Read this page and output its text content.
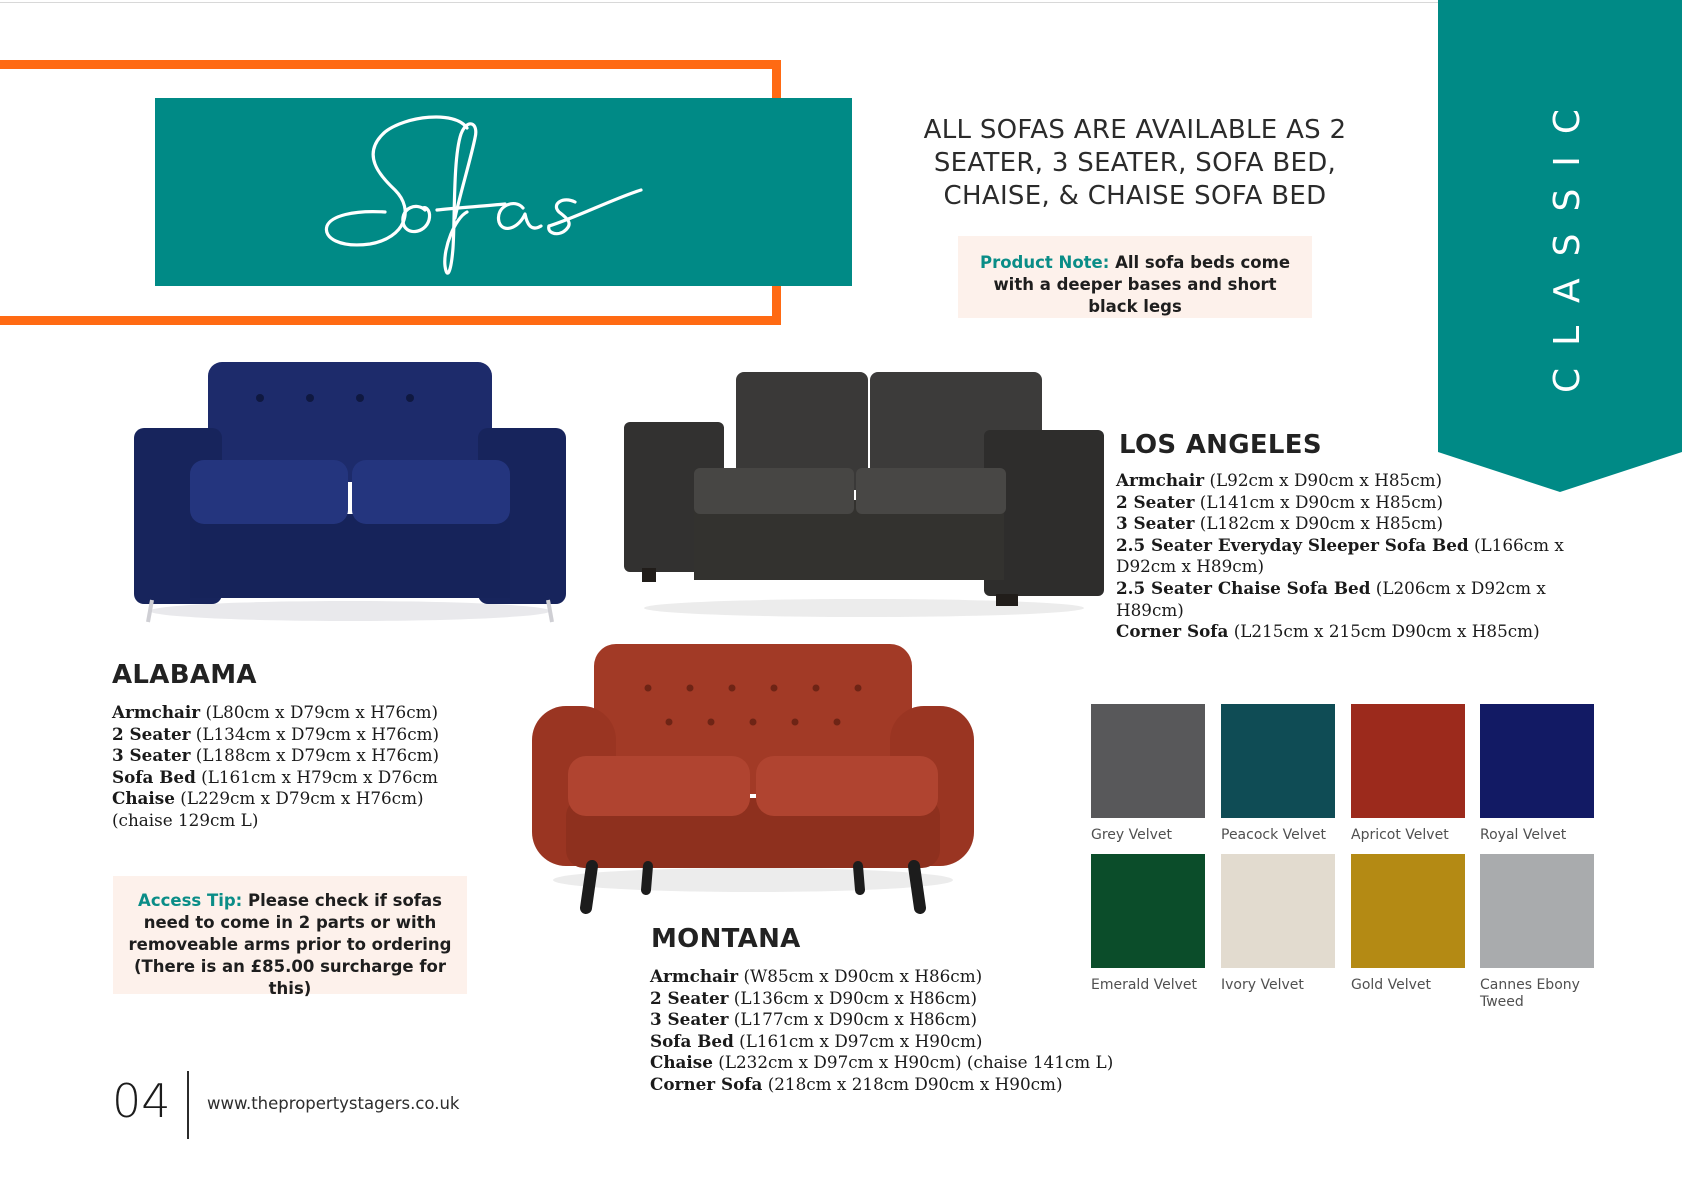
ALL SOFAS ARE AVAILABLE AS 2 SEATER, 3 SEATER, SOFA BED, CHAISE, & CHAISE SOFA BED
Product Note: All sofa beds come with a deeper bases and short black legs	CLASSIC
ALABAMA
Armchair (L80cm x D79cm x H76cm)
2 Seater (L134cm x D79cm x H76cm)
3 Seater (L188cm x D79cm x H76cm)
Sofa Bed (L161cm x H79cm x D76cm
Chaise (L229cm x D79cm x H76cm) (chaise 129cm L)
LOS ANGELES
Armchair (L92cm x D90cm x H85cm)
2 Seater (L141cm x D90cm x H85cm)
3 Seater (L182cm x D90cm x H85cm)
2.5 Seater Everyday Sleeper Sofa Bed (L166cm x D92cm x H89cm)
2.5 Seater Chaise Sofa Bed (L206cm x D92cm x H89cm)
Corner Sofa (L215cm x 215cm D90cm x H85cm)
MONTANA
Armchair (W85cm x D90cm x H86cm)
2 Seater (L136cm x D90cm x H86cm)
3 Seater (L177cm x D90cm x H86cm)
Sofa Bed (L161cm x D97cm x H90cm)
Chaise (L232cm x D97cm x H90cm) (chaise 141cm L)
Corner Sofa (218cm x 218cm D90cm x H90cm)
Access Tip: Please check if sofas need to come in 2 parts or with removeable arms prior to ordering
(There is an £85.00 surcharge for this)
Grey Velvet	Peacock Velvet	Apricot Velvet	Royal Velvet
Emerald Velvet	Ivory Velvet	Gold Velvet	Cannes Ebony Tweed
04 www.thepropertystagers.co.uk
